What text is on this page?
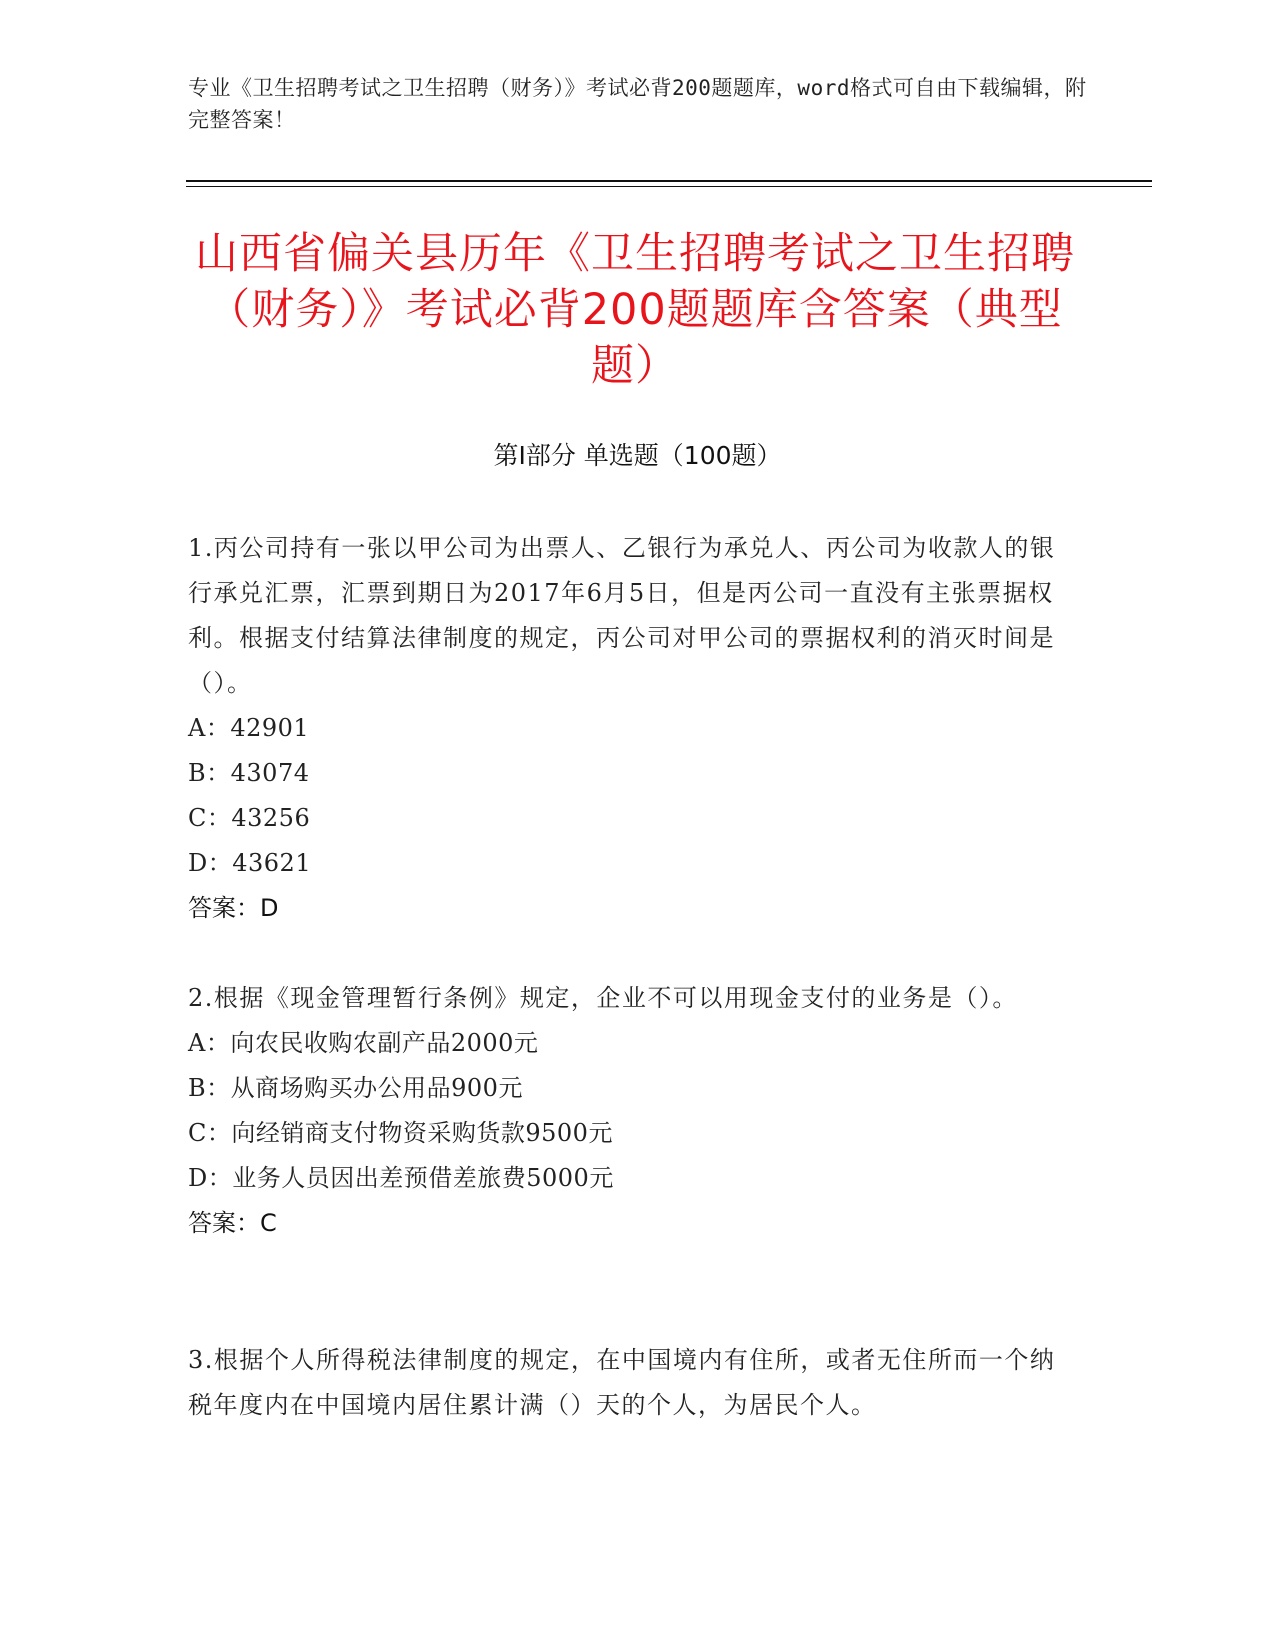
专业《卫生招聘考试之卫生招聘（财务）》考试必背200题题库，word格式可自由下载编辑，附完整答案！
山西省偏关县历年《卫生招聘考试之卫生招聘（财务）》考试必背200题题库含答案（典型题）
第Ⅰ部分 单选题（100题）
1.丙公司持有一张以甲公司为出票人、乙银行为承兑人、丙公司为收款人的银行承兑汇票，汇票到期日为2017年6月5日，但是丙公司一直没有主张票据权利。根据支付结算法律制度的规定，丙公司对甲公司的票据权利的消灭时间是（）。
A：42901
B：43074
C：43256
D：43621
答案：D
2.根据《现金管理暂行条例》规定，企业不可以用现金支付的业务是（）。
A：向农民收购农副产品2000元
B：从商场购买办公用品900元
C：向经销商支付物资采购货款9500元
D：业务人员因出差预借差旅费5000元
答案：C
3.根据个人所得税法律制度的规定，在中国境内有住所，或者无住所而一个纳税年度内在中国境内居住累计满（）天的个人，为居民个人。
